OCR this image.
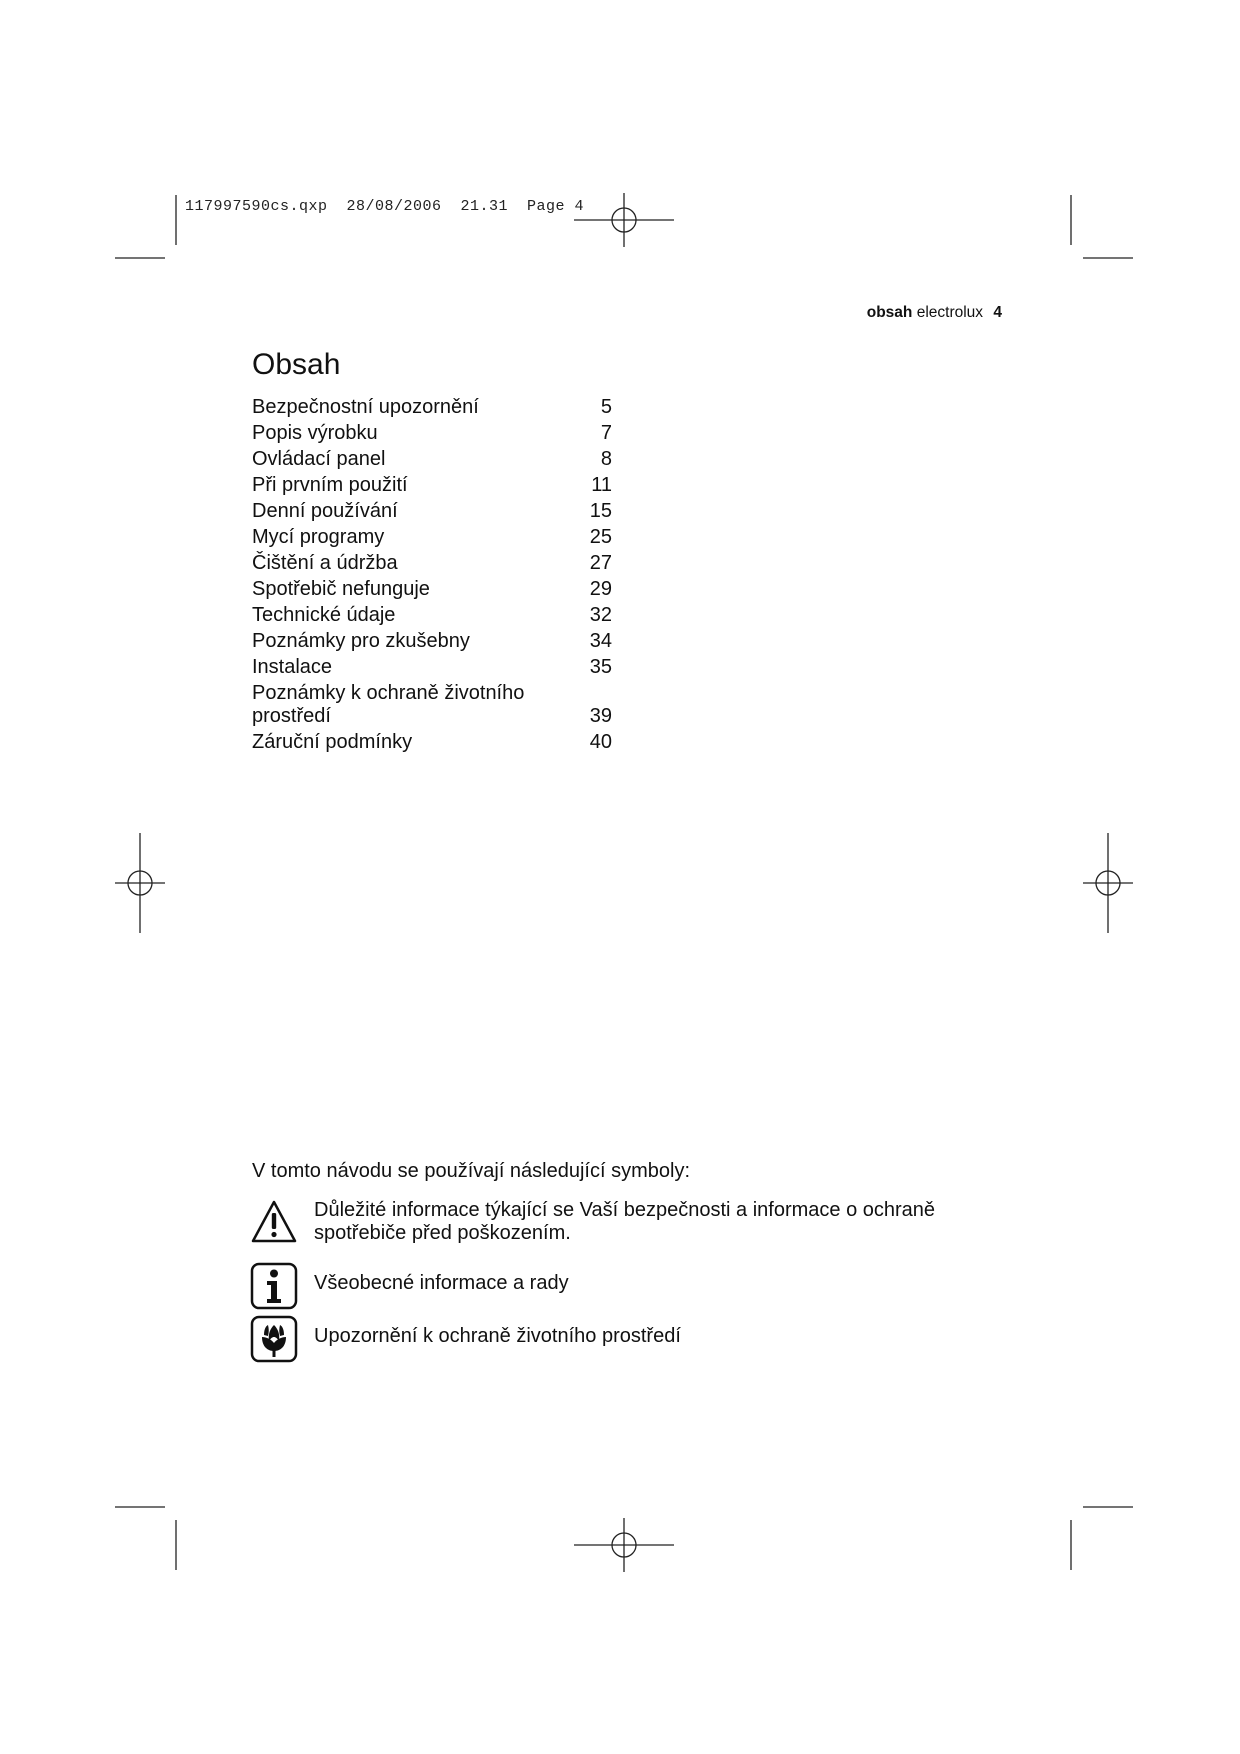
117997590cs.qxp  28/08/2006  21.31  Page 4
obsah electrolux 4
Obsah
Bezpečnostní upozornění	5
Popis výrobku	7
Ovládací panel	8
Při prvním použití	11
Denní používání	15
Mycí programy	25
Čištění a údržba	27
Spotřebič nefunguje	29
Technické údaje	32
Poznámky pro zkušebny	34
Instalace	35
Poznámky k ochraně životního prostředí	39
Záruční podmínky	40
V tomto návodu se používají následující symboly:
Důležité informace týkající se Vaší bezpečnosti a informace o ochraně spotřebiče před poškozením.
Všeobecné informace a rady
Upozornění k ochraně životního prostředí
